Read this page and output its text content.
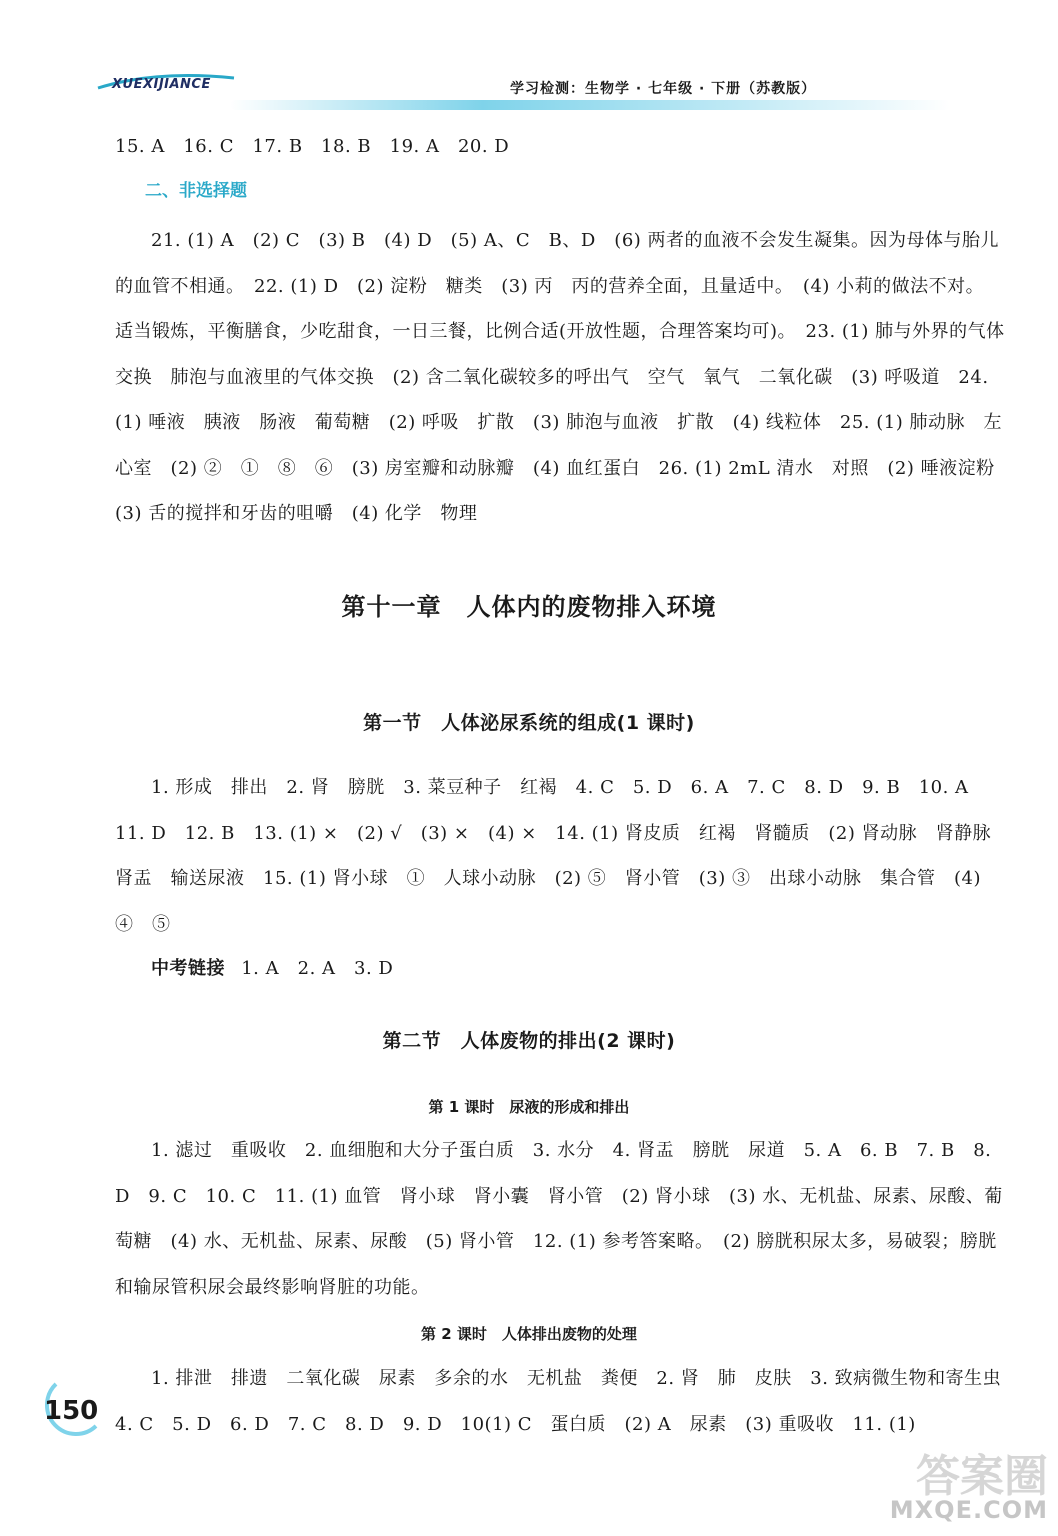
XUEXIJIANCE	学习检测：生物学 · 七年级 · 下册（苏教版）
15. A　16. C　17. B　18. B　19. A　20. D
二、非选择题
21. (1) A　(2) C　(3) B　(4) D　(5) A、C　B、D　(6) 两者的血液不会发生凝集。因为母体与胎儿的血管不相通。　22. (1) D　(2) 淀粉　糖类　(3) 丙　丙的营养全面，且量适中。　(4) 小莉的做法不对。　适当锻炼，平衡膳食，少吃甜食，一日三餐，比例合适(开放性题，合理答案均可)。　23. (1) 肺与外界的气体交换　肺泡与血液里的气体交换　(2) 含二氧化碳较多的呼出气　空气　氧气　二氧化碳　(3) 呼吸道　24. (1) 唾液　胰液　肠液　葡萄糖　(2) 呼吸　扩散　(3) 肺泡与血液　扩散　(4) 线粒体　25. (1) 肺动脉　左心室　(2) ②　①　⑧　⑥　(3) 房室瓣和动脉瓣　(4) 血红蛋白　26. (1) 2mL 清水　对照　(2) 唾液淀粉　(3) 舌的搅拌和牙齿的咀嚼　(4) 化学　物理
第十一章　人体内的废物排入环境
第一节　人体泌尿系统的组成(1 课时)
1. 形成　排出　2. 肾　膀胱　3. 菜豆种子　红褐　4. C　5. D　6. A　7. C　8. D　9. B　10. A　11. D　12. B　13. (1) ×　(2) √　(3) ×　(4) ×　14. (1) 肾皮质　红褐　肾髓质　(2) 肾动脉　肾静脉　肾盂　输送尿液　15. (1) 肾小球　①　人球小动脉　(2) ⑤　肾小管　(3) ③　出球小动脉　集合管　(4) ④　⑤
中考链接 1. A　2. A　3. D
第二节　人体废物的排出(2 课时)
第 1 课时　尿液的形成和排出
1. 滤过　重吸收　2. 血细胞和大分子蛋白质　3. 水分　4. 肾盂　膀胱　尿道　5. A　6. B　7. B　8. D　9. C　10. C　11. (1) 血管　肾小球　肾小囊　肾小管　(2) 肾小球　(3) 水、无机盐、尿素、尿酸、葡萄糖　(4) 水、无机盐、尿素、尿酸　(5) 肾小管　12. (1) 参考答案略。　(2) 膀胱积尿太多，易破裂；膀胱和输尿管积尿会最终影响肾脏的功能。
第 2 课时　人体排出废物的处理
1. 排泄　排遗　二氧化碳　尿素　多余的水　无机盐　粪便　2. 肾　肺　皮肤　3. 致病微生物和寄生虫　4. C　5. D　6. D　7. C　8. D　9. D　10(1) C　蛋白质　(2) A　尿素　(3) 重吸收　11. (1)
150
答案圈
MXQE.COM
